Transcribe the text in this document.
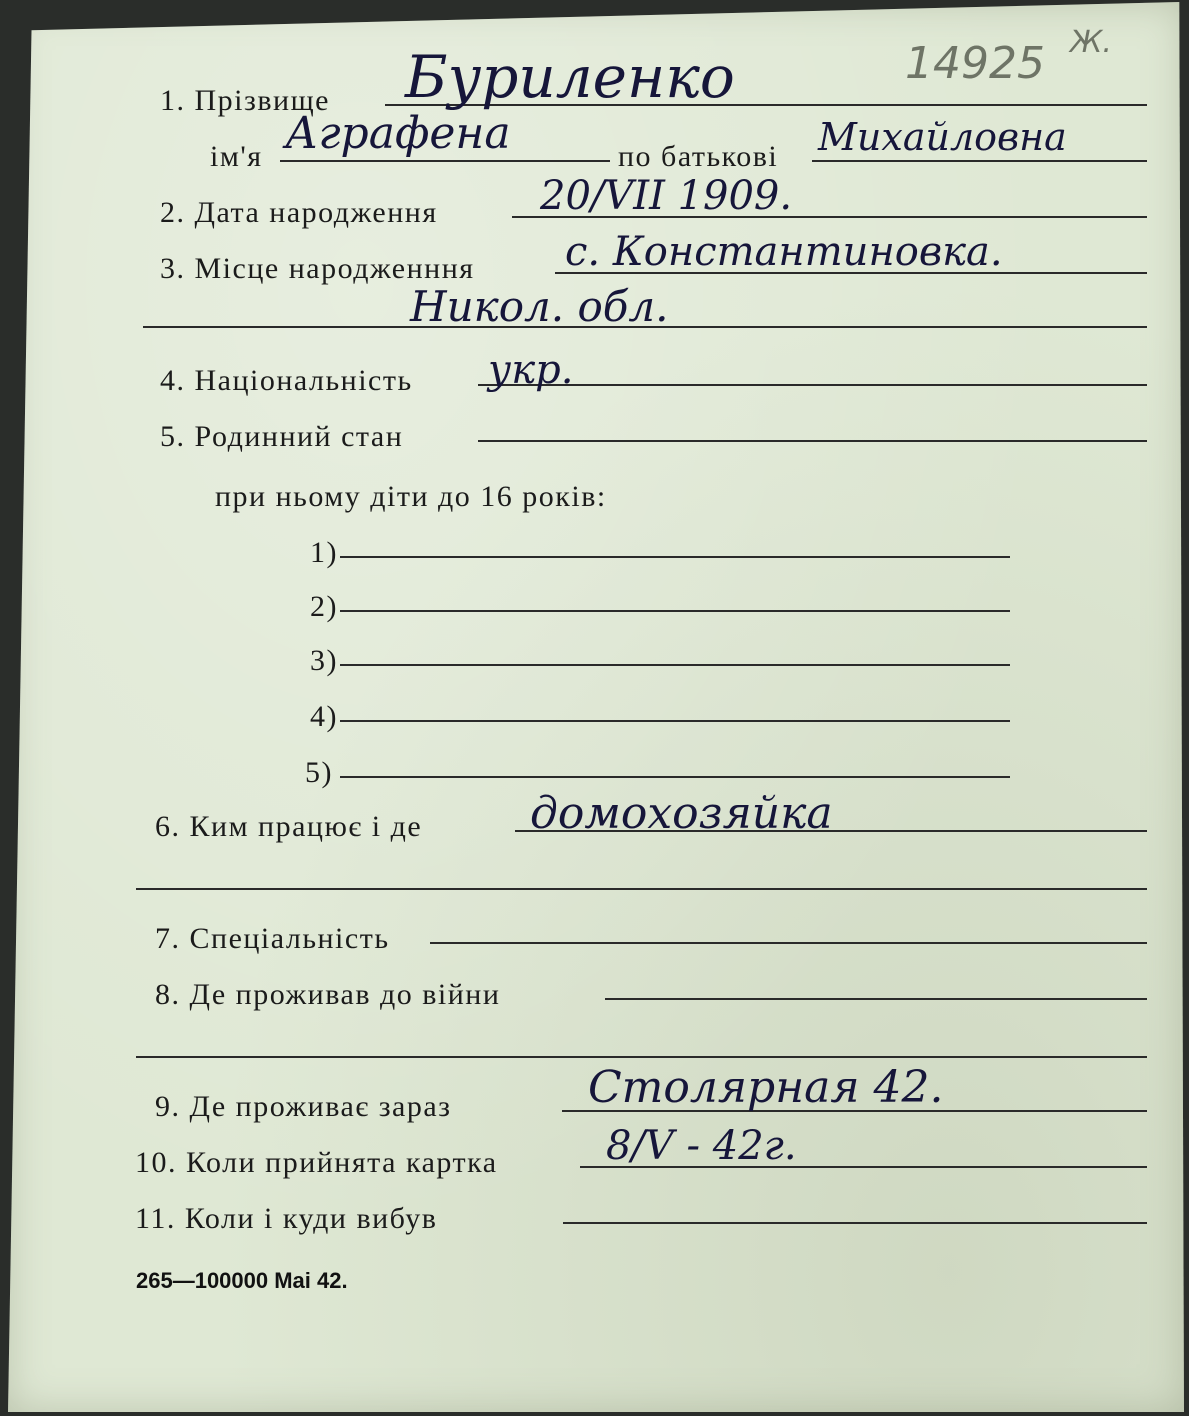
14925 Ж.
1. Прізвище Буриленко
ім'я Аграфена	по батькові Михайловна
2. Дата народження	20/VII 1909.
3. Місце народженння с. Константиновка.
Никол. обл.
4. Національність укр.
5. Родинний стан
при ньому діти до 16 років:
1)
2)
3)
4)
5)
6. Ким працює і де домохозяйка
7. Спеціальність
8. Де проживав до війни
9. Де проживає зараз	Столярная 42.
10. Коли прийнята картка	8/V - 42г.
11. Коли і куди вибув
265—100000 Mai 42.
